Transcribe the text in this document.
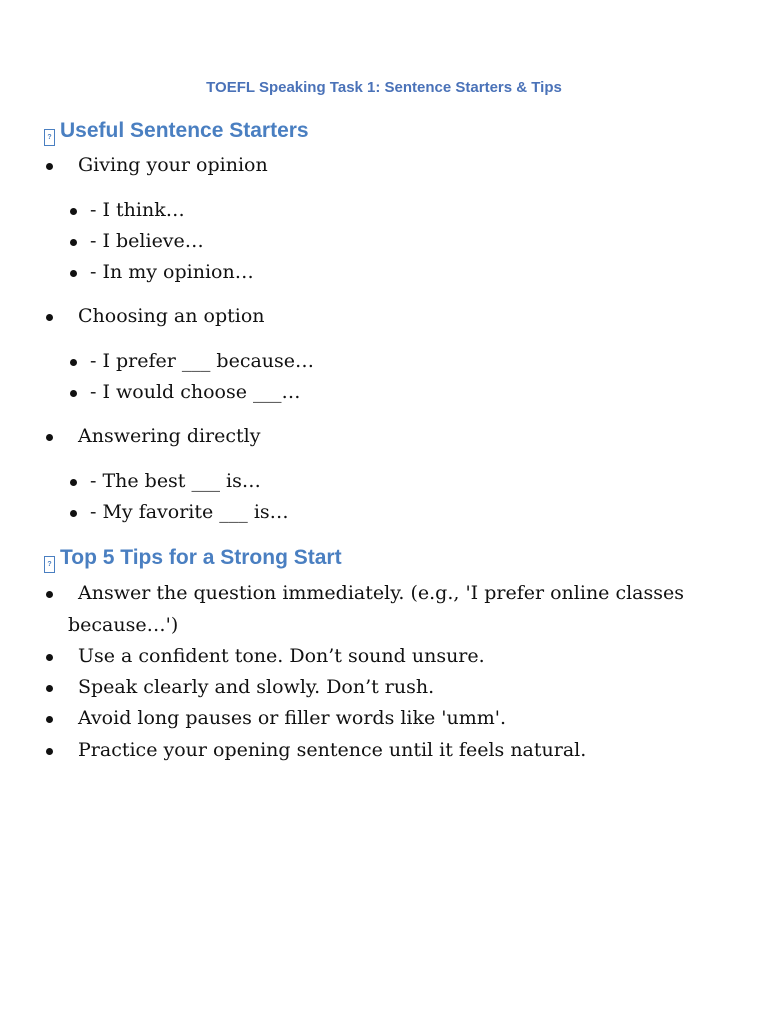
TOEFL Speaking Task 1: Sentence Starters & Tips
? Useful Sentence Starters
Giving your opinion
- I think…
- I believe…
- In my opinion…
Choosing an option
- I prefer ___ because…
- I would choose ___…
Answering directly
- The best ___ is…
- My favorite ___ is…
? Top 5 Tips for a Strong Start
Answer the question immediately. (e.g., 'I prefer online classes
because…')
Use a confident tone. Don’t sound unsure.
Speak clearly and slowly. Don’t rush.
Avoid long pauses or filler words like 'umm'.
Practice your opening sentence until it feels natural.
